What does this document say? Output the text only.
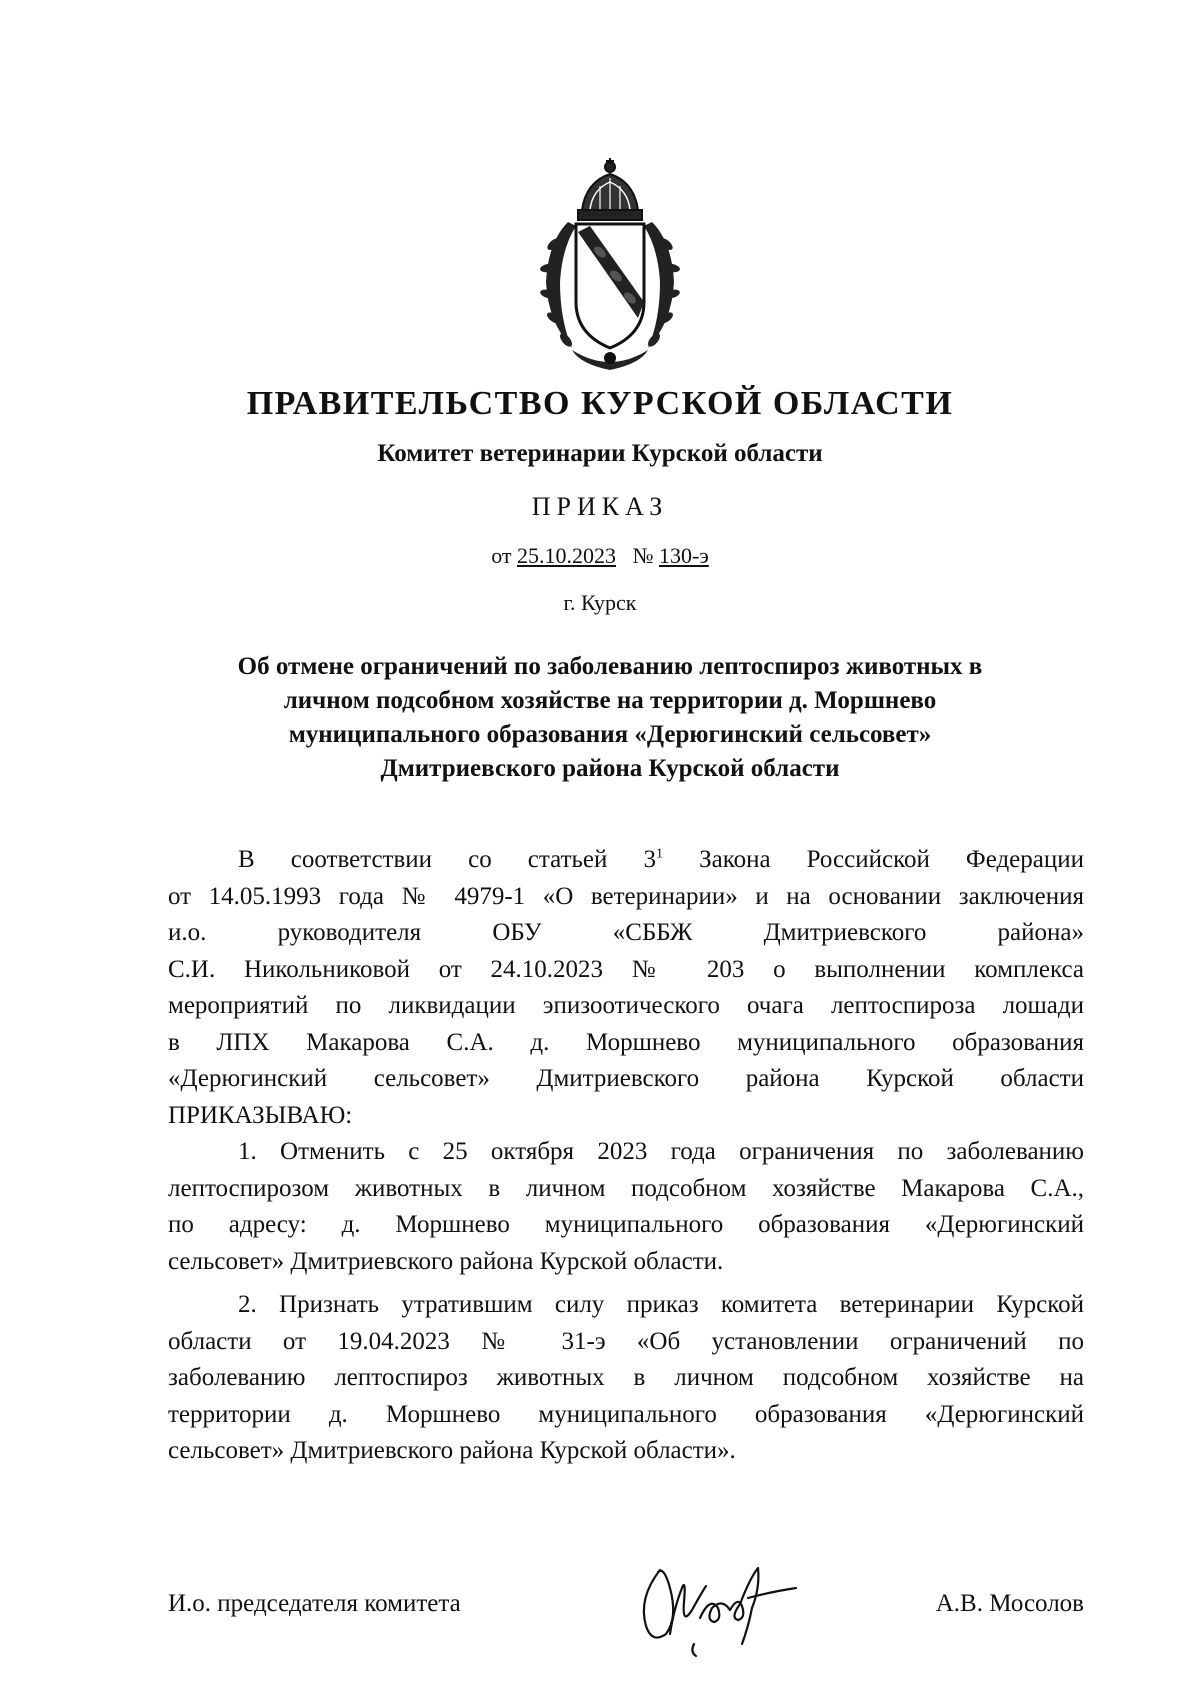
ПРАВИТЕЛЬСТВО КУРСКОЙ ОБЛАСТИ
Комитет ветеринарии Курской области
ПРИКАЗ
от 25.10.2023 № 130-э
г. Курск
Об отмене ограничений по заболеванию лептоспироз животных в
личном подсобном хозяйстве на территории д. Моршнево
муниципального образования «Дерюгинский сельсовет»
Дмитриевского района Курской области
В соответствии со статьей $3^1$ Закона Российской Федерации
от 14.05.1993 года № 4979-1 «О ветеринарии» и на основании заключения
и.о. руководителя ОБУ «СББЖ Дмитриевского района»
С.И. Никольниковой от 24.10.2023 № 203 о выполнении комплекса
мероприятий по ликвидации эпизоотического очага лептоспироза лошади
в ЛПХ Макарова С.А. д. Моршнево муниципального образования
«Дерюгинский сельсовет» Дмитриевского района Курской области
ПРИКАЗЫВАЮ:
1. Отменить с 25 октября 2023 года ограничения по заболеванию
лептоспирозом животных в личном подсобном хозяйстве Макарова С.А.,
по адресу: д. Моршнево муниципального образования «Дерюгинский
сельсовет» Дмитриевского района Курской области.
2. Признать утратившим силу приказ комитета ветеринарии Курской
области от 19.04.2023 № 31-э «Об установлении ограничений по
заболеванию лептоспироз животных в личном подсобном хозяйстве на
территории д. Моршнево муниципального образования «Дерюгинский
сельсовет» Дмитриевского района Курской области».
И.о. председателя комитета	А.В. Мосолов
